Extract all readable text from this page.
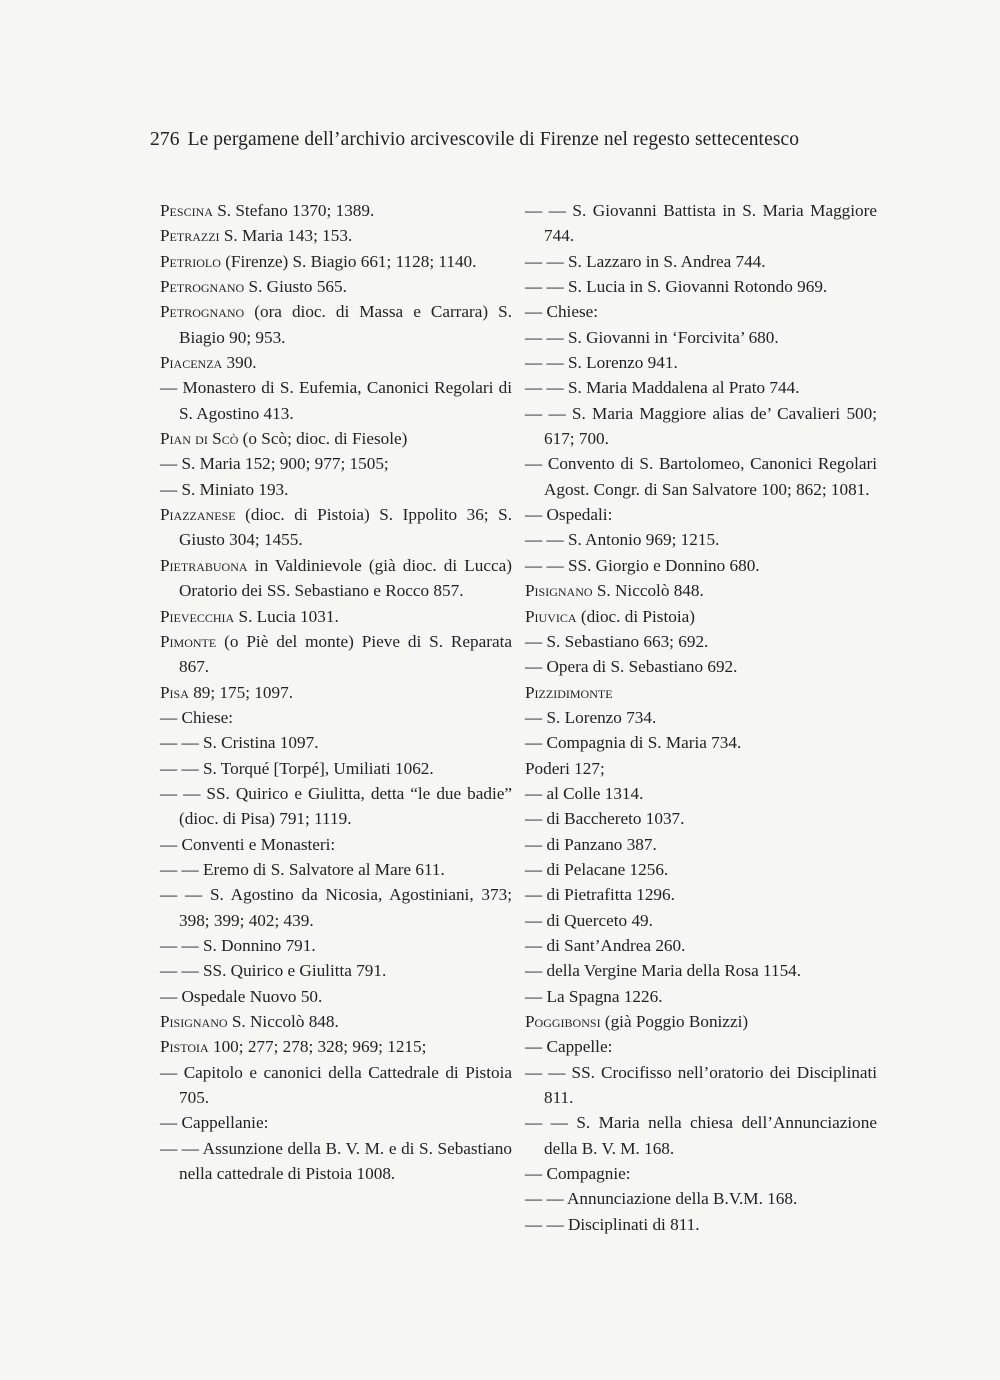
276 Le pergamene dell’archivio arcivescovile di Firenze nel regesto settecentesco
Pescina S. Stefano 1370; 1389.
Petrazzi S. Maria 143; 153.
Petriolo (Firenze) S. Biagio 661; 1128; 1140.
Petrognano S. Giusto 565.
Petrognano (ora dioc. di Massa e Carrara) S. Biagio 90; 953.
Piacenza 390.
— Monastero di S. Eufemia, Canonici Regolari di S. Agostino 413.
Pian di Scò (o Scò; dioc. di Fiesole)
— S. Maria 152; 900; 977; 1505;
— S. Miniato 193.
Piazzanese (dioc. di Pistoia) S. Ippolito 36; S. Giusto 304; 1455.
Pietrabuona in Valdinievole (già dioc. di Lucca) Oratorio dei SS. Sebastiano e Rocco 857.
Pievecchia S. Lucia 1031.
Pimonte (o Piè del monte) Pieve di S. Reparata 867.
Pisa 89; 175; 1097.
— Chiese:
— — S. Cristina 1097.
— — S. Torqué [Torpé], Umiliati 1062.
— — SS. Quirico e Giulitta, detta “le due badie” (dioc. di Pisa) 791; 1119.
— Conventi e Monasteri:
— — Eremo di S. Salvatore al Mare 611.
— — S. Agostino da Nicosia, Agostiniani, 373; 398; 399; 402; 439.
— — S. Donnino 791.
— — SS. Quirico e Giulitta 791.
— Ospedale Nuovo 50.
Pisignano S. Niccolò 848.
Pistoia 100; 277; 278; 328; 969; 1215;
— Capitolo e canonici della Cattedrale di Pistoia 705.
— Cappellanie:
— — Assunzione della B. V. M. e di S. Sebastiano nella cattedrale di Pistoia 1008.
— — S. Giovanni Battista in S. Maria Maggiore 744.
— — S. Lazzaro in S. Andrea 744.
— — S. Lucia in S. Giovanni Rotondo 969.
— Chiese:
— — S. Giovanni in ‘Forcivita’ 680.
— — S. Lorenzo 941.
— — S. Maria Maddalena al Prato 744.
— — S. Maria Maggiore alias de’ Cavalieri 500; 617; 700.
— Convento di S. Bartolomeo, Canonici Regolari Agost. Congr. di San Salvatore 100; 862; 1081.
— Ospedali:
— — S. Antonio 969; 1215.
— — SS. Giorgio e Donnino 680.
Pisignano S. Niccolò 848.
Piuvica (dioc. di Pistoia)
— S. Sebastiano 663; 692.
— Opera di S. Sebastiano 692.
Pizzidimonte
— S. Lorenzo 734.
— Compagnia di S. Maria 734.
Poderi 127;
— al Colle 1314.
— di Bacchereto 1037.
— di Panzano 387.
— di Pelacane 1256.
— di Pietrafitta 1296.
— di Querceto 49.
— di Sant’Andrea 260.
— della Vergine Maria della Rosa 1154.
— La Spagna 1226.
Poggibonsi (già Poggio Bonizzi)
— Cappelle:
— — SS. Crocifisso nell’oratorio dei Disciplinati 811.
— — S. Maria nella chiesa dell’Annunciazione della B. V. M. 168.
— Compagnie:
— — Annunciazione della B.V.M. 168.
— — Disciplinati di 811.
